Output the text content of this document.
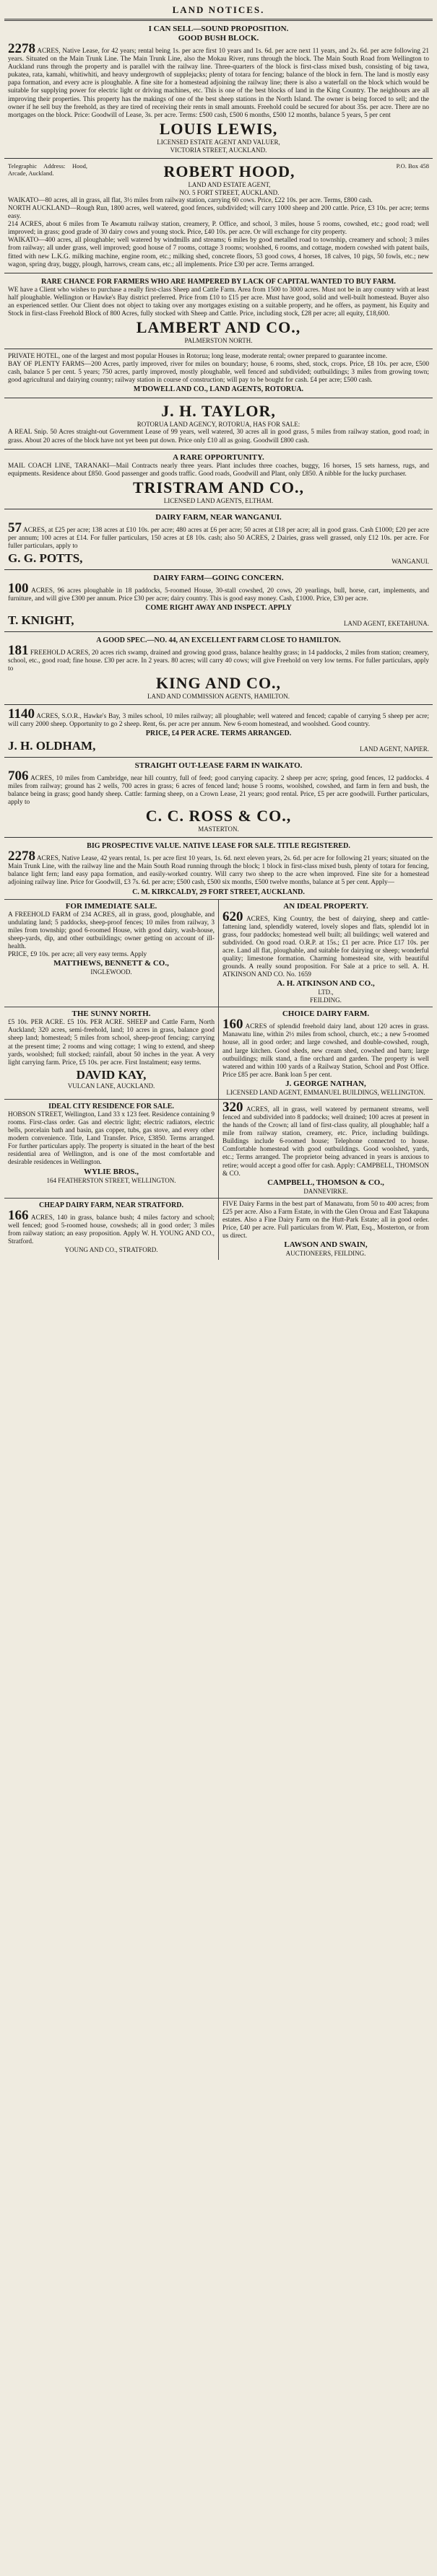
LAND NOTICES.
I CAN SELL—SOUND PROPOSITION.
GOOD BUSH BLOCK.

2278 ACRES, Native Lease, for 42 years; rental being 1s. per acre first 10 years and 1s. 6d. per acre next 11 years, and 2s. 6d. per acre following 21 years. Situated on the Main Trunk Line. The Main Trunk Line, also the Mokau River, runs through the block. The Main South Road from Wellington to Auckland runs through the property and is parallel with the railway line. Three-quarters of the block is first-class mixed bush, consisting of big tawa, pukatea, rata, kamahi, whitiwhiti, and heavy undergrowth of supplejacks; plenty of totara for fencing; balance of the block in fern. The land is mostly easy papa formation, and every acre is ploughable. A fine site for a homestead adjoining the railway line; there is also a waterfall on the block which would be suitable for supplying power for electric light or driving machines, etc. This is one of the best blocks of land in the King Country. The neighbours are all improving their properties. This property has the makings of one of the best sheep stations in the North Island. The owner is being forced to sell; and the owner if he sell buy the freehold, as they are tired of receiving their rents in small amounts. Freehold could be secured for about 35s. per acre. There are no mortgages on the block. Price: Goodwill of Lease, 3s. per acre. Terms: £500 cash, £500 6 months, £500 12 months, balance 5 years, 5 per cent

LOUIS LEWIS,
LICENSED ESTATE AGENT AND VALUER,
VICTORIA STREET, AUCKLAND.
Telegraphic Address: Hood, Arcade, Auckland.	ROBERT HOOD,
LAND AND ESTATE AGENT,
NO. 5 FORT STREET, AUCKLAND.
P.O. Box 458

WAIKATO—80 acres, all in grass, all flat, 3½ miles from railway station, carrying 60 cows. Price, £22 10s. per acre. Terms, £800 cash.

NORTH AUCKLAND—Rough Run, 1800 acres, well watered, good fences, subdivided; will carry 1000 sheep and 200 cattle. Price, £3 10s. per acre; terms easy.

214 ACRES, about 6 miles from Te Awamutu railway station, creamery, P. Office, and school, 3 miles, house 5 rooms, cowshed, etc.; good road; well improved; in grass; good grade of 30 dairy cows and young stock. Price, £40 10s. per acre. Or will exchange for city property.

WAIKATO—400 acres, all ploughable; well watered by windmills and streams; 6 miles by good metalled road to township, creamery and school; 3 miles from railway; all under grass, well improved; good house of 7 rooms, cottage 3 rooms; woolshed, 6 rooms, and cottage, modern cowshed with patent bails, fitted with new L.K.G. milking machine, engine room, etc.; milking shed, concrete floors, 53 good cows, 4 horses, 18 calves, 10 pigs, 50 fowls, etc.; new wagon, spring dray, buggy, plough, harrows, cream cans, etc.; all implements. Price £30 per acre. Terms arranged.

RARE CHANCE FOR FARMERS WHO ARE HAMPERED BY LACK OF CAPITAL WANTED TO BUY FARM.

WE have a Client who wishes to purchase a really first-class Sheep and Cattle Farm. Area from 1500 to 3000 acres. Must not be in any country with at least half ploughable. Wellington or Hawke's Bay district preferred. Price from £10 to £15 per acre. Must have good, solid and well-built homestead. Buyer also an experienced settler. Our Client does not object to taking over any mortgages existing on a suitable property, and he offers, as payment, his Equity and Stock in first-class Freehold Block of 800 Acres, fully stocked with Sheep and Cattle. Price, including stock, £28 per acre; all equity, £18,600.

LAMBERT AND CO.,
PALMERSTON NORTH.

PRIVATE HOTEL, one of the largest and most popular Houses in Rotorua; long lease, moderate rental; owner prepared to guarantee income.

BAY OF PLENTY FARMS—200 Acres, partly improved, river for miles on boundary; house, 6 rooms, shed, stock, crops. Price, £8 10s. per acre, £500 cash, balance 5 per cent. 5 years; 750 acres, partly improved, mostly ploughable, well fenced and subdivided; outbuildings; 3 miles from growing town; good agricultural and dairying country; railway station in course of construction; will pay to be bought for cash. £4 per acre; £500 cash.

M'DOWELL AND CO., LAND AGENTS, ROTORUA.
J. H. TAYLOR,
ROTORUA LAND AGENCY, ROTORUA, HAS FOR SALE:

A REAL Snip. 50 Acres straight-out Government Lease of 99 years, well watered, 30 acres all in good grass, 5 miles from railway station, good road; in grass. About 20 acres of the block have not yet been put down. Price only £10 all as going. Goodwill £800 cash.

A RARE OPPORTUNITY.

MAIL COACH LINE, TARANAKI—Mail Contracts nearly three years. Plant includes three coaches, buggy, 16 horses, 15 sets harness, rugs, and equipments. Residence about £850. Good passenger and goods traffic. Good roads, Goodwill and Plant, only £850. A nibble for the lucky purchaser.

TRISTRAM AND CO.,
LICENSED LAND AGENTS, ELTHAM.
DAIRY FARM, NEAR WANGANUI.

57 ACRES, at £25 per acre; 138 acres at £10 10s. per acre; 480 acres at £6 per acre; 50 acres at £18 per acre; all in good grass. Cash £1000; £20 per acre per annum; 100 acres at £14. For fuller particulars, 150 acres at £8 10s. cash; also 50 ACRES, 2 Dairies, grass well grassed, only £12 10s. per acre. For fuller particulars, apply to

G. G. POTTS,	WANGANUI.
DAIRY FARM—GOING CONCERN.

100 ACRES, 96 acres ploughable in 18 paddocks, 5-roomed House, 30-stall cowshed, 20 cows, 20 yearlings, bull, horse, cart, implements, and furniture, and will give £300 per annum. Price £30 per acre; dairy country. This is good easy money. Cash, £1000. Price, £30 per acre.

COME RIGHT AWAY AND INSPECT. APPLY
T. KNIGHT,	LAND AGENT, EKETAHUNA.
A GOOD SPEC.—NO. 44, AN EXCELLENT FARM CLOSE TO HAMILTON.

181 FREEHOLD ACRES, 20 acres rich swamp, drained and growing good grass, balance healthy grass; in 14 paddocks, 2 miles from station; creamery, school, etc., good road; fine house. £30 per acre. In 2 years. 80 acres; will carry 40 cows; will give Freehold on very low terms. For fuller particulars, apply to

KING AND CO.,
LAND AND COMMISSION AGENTS, HAMILTON.

1140 ACRES, S.O.R., Hawke's Bay, 3 miles school, 10 miles railway; all ploughable; well watered and fenced; capable of carrying 5 sheep per acre; will carry 2000 sheep. Opportunity to go 2 sheep. Rent, 6s. per acre per annum. New 6-room homestead, and woolshed. Good country.

PRICE, £4 PER ACRE. TERMS ARRANGED.
J. H. OLDHAM,	LAND AGENT, NAPIER.
STRAIGHT OUT-LEASE FARM IN WAIKATO.

706 ACRES, 10 miles from Cambridge, near hill country, full of feed; good carrying capacity. 2 sheep per acre; spring, good fences, 12 paddocks. 4 miles from railway; ground has 2 wells, 700 acres in grass; 6 acres of fenced land; house 5 rooms, woolshed, cowshed, and farm in fern and bush, the balance being in grass; good handy sheep. Cattle: farming sheep, on a Crown Lease, 21 years; good rental. Price, £5 per acre goodwill. Further particulars, apply to

C. C. ROSS & CO.,
MASTERTON.
BIG PROSPECTIVE VALUE. NATIVE LEASE FOR SALE. TITLE REGISTERED.

2278 ACRES, Native Lease, 42 years rental, 1s. per acre first 10 years, 1s. 6d. next eleven years, 2s. 6d. per acre for following 21 years; situated on the Main Trunk Line, with the railway line and the Main South Road running through the block; 1 block in first-class mixed bush, plenty of totara for fencing, balance light fern; land easy papa formation, and easily-worked country. Will carry two sheep to the acre when improved. Fine site for a homestead adjoining railway line. Price for Goodwill, £3 7s. 6d. per acre; £500 cash, £500 six months, £500 twelve months, balance at 5 per cent. Apply—

C. M. KIRKCALDY, 29 FORT STREET, AUCKLAND.
FOR IMMEDIATE SALE.

A FREEHOLD FARM of 234 ACRES, all in grass, good, ploughable, and undulating land; 5 paddocks, sheep-proof fences; 10 miles from railway, 3 miles from township; good 6-roomed House, with good dairy, wash-house, sheep-yards, dip, and other outbuildings; owner getting on account of ill-health.

PRICE, £9 10s. per acre; all very easy terms. Apply

MATTHEWS, BENNETT & CO.,
INGLEWOOD.
AN IDEAL PROPERTY.

620 ACRES, King Country, the best of dairying, sheep and cattle-fattening land, splendidly watered, lovely slopes and flats, splendid lot in grass, four paddocks; homestead well built; all buildings; well watered and subdivided. On good road. O.R.P. at 15s.; £1 per acre. Price £17 10s. per acre. Land all flat, ploughable, and suitable for dairying or sheep; wonderful quality; limestone formation. Charming homestead site, with beautiful grounds. A really sound proposition. For Sale at a price to sell. A. H. ATKINSON AND CO. No. 1659

A. H. ATKINSON AND CO.,
LTD.,
FEILDING.
THE SUNNY NORTH.

£5 10s. PER ACRE. £5 10s. PER ACRE. SHEEP and Cattle Farm, North Auckland; 320 acres, semi-freehold, land; 10 acres in grass, balance good sheep land; homestead; 5 miles from school, sheep-proof fencing; carrying at the present time; 2 rooms and wing cottage; 1 wing to extend, and sheep yards, woolshed; full stocked; rainfall, about 50 inches in the year. A very light carrying farm. Price, £5 10s. per acre. First Instalment; easy terms.

DAVID KAY,
VULCAN LANE, AUCKLAND.
CHOICE DAIRY FARM.

160 ACRES of splendid freehold dairy land, about 120 acres in grass. Manawatu line, within 2½ miles from school, church, etc.; a new 5-roomed house, all in good order; and large cowshed, and double-cowshed, rough, and large kitchen. Good sheds, new cream shed, cowshed and barn; large outbuildings; milk stand, a fine orchard and garden. The property is well watered and within 100 yards of a Railway Station, School and Post Office. Price £85 per acre. Bank loan 5 per cent.

J. GEORGE NATHAN,
LICENSED LAND AGENT, EMMANUEL BUILDINGS, WELLINGTON.
IDEAL CITY RESIDENCE FOR SALE.

HOBSON STREET, Wellington, Land 33 x 123 feet. Residence containing 9 rooms. First-class order. Gas and electric light; electric radiators, electric bells, porcelain bath and basin, gas copper, tubs, gas stove, and every other modern convenience. Title, Land Transfer. Price, £3850. Terms arranged. For further particulars apply. The property is situated in the heart of the best residential area of Wellington, and is one of the most comfortable and desirable residences in Wellington.

WYLIE BROS.,
164 FEATHERSTON STREET, WELLINGTON.

320 ACRES, all in grass, well watered by permanent streams, well fenced and subdivided into 8 paddocks; well drained; 100 acres at present in the hands of the Crown; all land of first-class quality, all ploughable; half a mile from railway station, creamery, etc. Price, including buildings. Buildings include 6-roomed house; Telephone connected to house. Comfortable homestead with good outbuildings. Good woolshed, yards, etc.; Terms arranged. The proprietor being advanced in years is anxious to retire; would accept a good offer for cash. Apply: CAMPBELL, THOMSON & CO.

CAMPBELL, THOMSON & CO.,
DANNEVIRKE.
CHEAP DAIRY FARM, NEAR STRATFORD.

166 ACRES, 140 in grass, balance bush; 4 miles factory and school; well fenced; good 5-roomed house, cowsheds; all in good order; 3 miles from railway station; an easy proposition. Apply W. H. YOUNG AND CO., Stratford.

YOUNG AND CO., STRATFORD.

FIVE Dairy Farms in the best part of Manawatu, from 50 to 400 acres; from £25 per acre. Also a Farm Estate, in with the Glen Oroua and East Takapuna estates. Also a Fine Dairy Farm on the Hutt-Park Estate; all in good order. Price, £40 per acre. Full particulars from W. Platt, Esq., Mosterton, or from us direct.

LAWSON AND SWAIN,
AUCTIONEERS, FEILDING.
